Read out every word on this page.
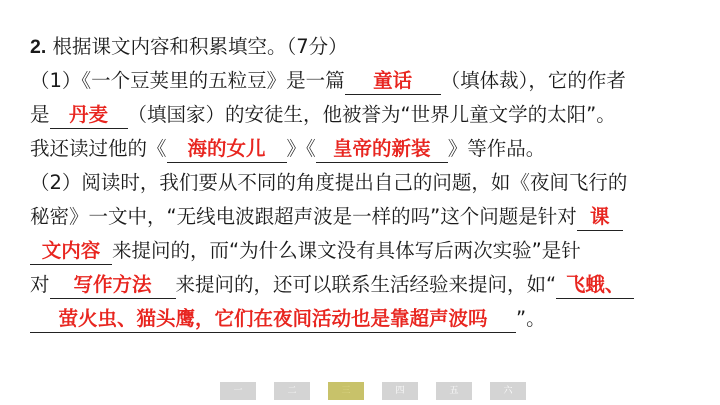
2. 根据课文内容和积累填空。（7分）
（1）《一个豆荚里的五粒豆》是一篇 童话 （填体裁），它的作者
是 丹麦 （填国家）的安徒生，他被誉为“世界儿童文学的太阳”。
我还读过他的《 海的女儿 》《 皇帝的新装 》等作品。
（2）阅读时，我们要从不同的角度提出自己的问题，如《夜间飞行的
秘密》一文中，“无线电波跟超声波是一样的吗”这个问题是针对 课
文内容 来提问的，而“为什么课文没有具体写后两次实验”是针
对 写作方法 来提问的，还可以联系生活经验来提问，如“ 飞蛾、
萤火虫、猫头鹰，它们在夜间活动也是靠超声波吗 ”。
一	二	三	四	五	六
